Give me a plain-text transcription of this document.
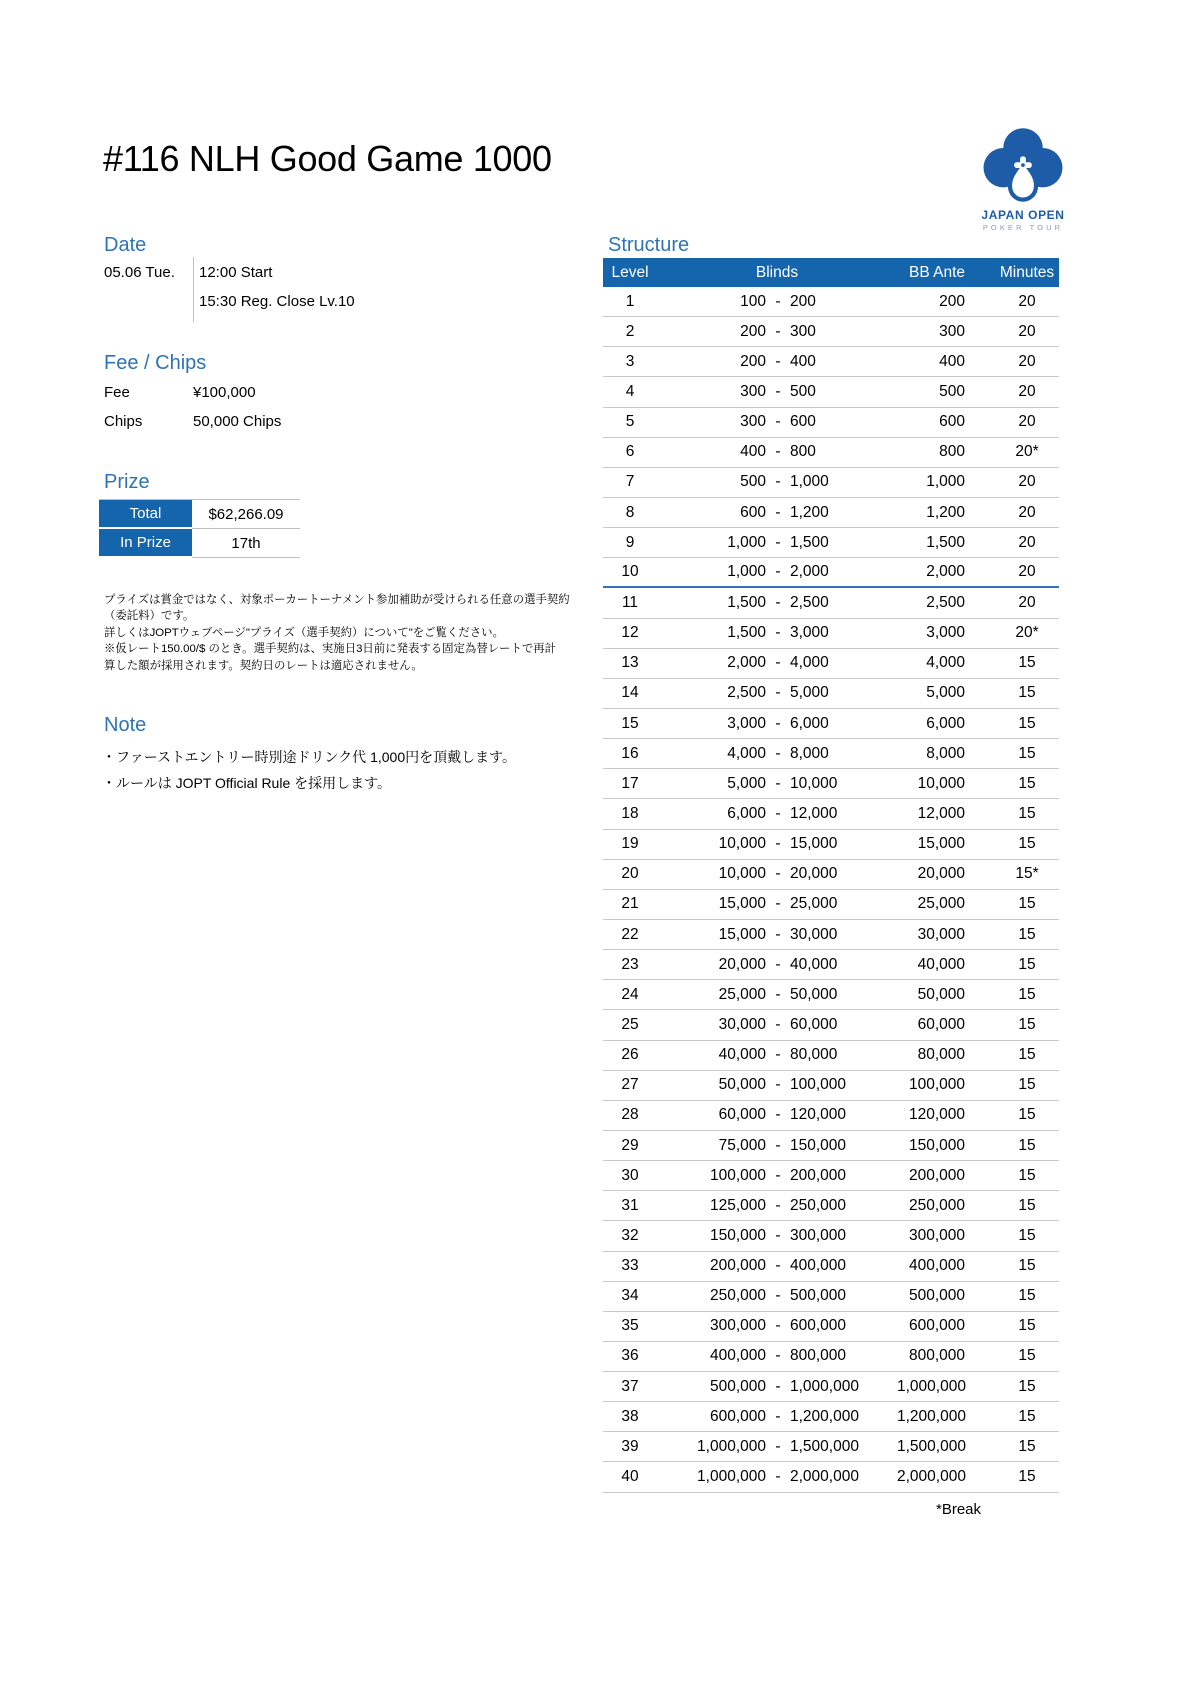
#116 NLH Good Game 1000
JAPAN OPEN
POKER TOUR
Date
05.06 Tue. 12:00 Start
15:30 Reg. Close Lv.10
Fee / Chips
Fee	¥100,000
Chips	50,000 Chips
Prize
Total	$62,266.09
In Prize	17th
プライズは賞金ではなく、対象ポーカートーナメント参加補助が受けられる任意の選手契約
（委託料）です。
詳しくはJOPTウェブページ"プライズ（選手契約）について"をご覧ください。
※仮レート150.00/$ のとき。選手契約は、実施日3日前に発表する固定為替レートで再計
算した額が採用されます。契約日のレートは適応されません。
Note
・ファーストエントリー時別途ドリンク代 1,000円を頂戴します。
・ルールは JOPT Official Rule を採用します。
Structure
Level	Blinds	BB Ante	Minutes
1	100 - 200	200	20
2	200 - 300	300	20
3	200 - 400	400	20
4	300 - 500	500	20
5	300 - 600	600	20
6	400 - 800	800	20*
7	500 - 1,000	1,000	20
8	600 - 1,200	1,200	20
9	1,000 - 1,500	1,500	20
10	1,000 - 2,000	2,000	20
11	1,500 - 2,500	2,500	20
12	1,500 - 3,000	3,000	20*
13	2,000 - 4,000	4,000	15
14	2,500 - 5,000	5,000	15
15	3,000 - 6,000	6,000	15
16	4,000 - 8,000	8,000	15
17	5,000 - 10,000	10,000	15
18	6,000 - 12,000	12,000	15
19	10,000 - 15,000	15,000	15
20	10,000 - 20,000	20,000	15*
21	15,000 - 25,000	25,000	15
22	15,000 - 30,000	30,000	15
23	20,000 - 40,000	40,000	15
24	25,000 - 50,000	50,000	15
25	30,000 - 60,000	60,000	15
26	40,000 - 80,000	80,000	15
27	50,000 - 100,000	100,000	15
28	60,000 - 120,000	120,000	15
29	75,000 - 150,000	150,000	15
30	100,000 - 200,000	200,000	15
31	125,000 - 250,000	250,000	15
32	150,000 - 300,000	300,000	15
33	200,000 - 400,000	400,000	15
34	250,000 - 500,000	500,000	15
35	300,000 - 600,000	600,000	15
36	400,000 - 800,000	800,000	15
37	500,000 - 1,000,000	1,000,000	15
38	600,000 - 1,200,000	1,200,000	15
39	1,000,000 - 1,500,000	1,500,000	15
40	1,000,000 - 2,000,000	2,000,000	15
*Break
